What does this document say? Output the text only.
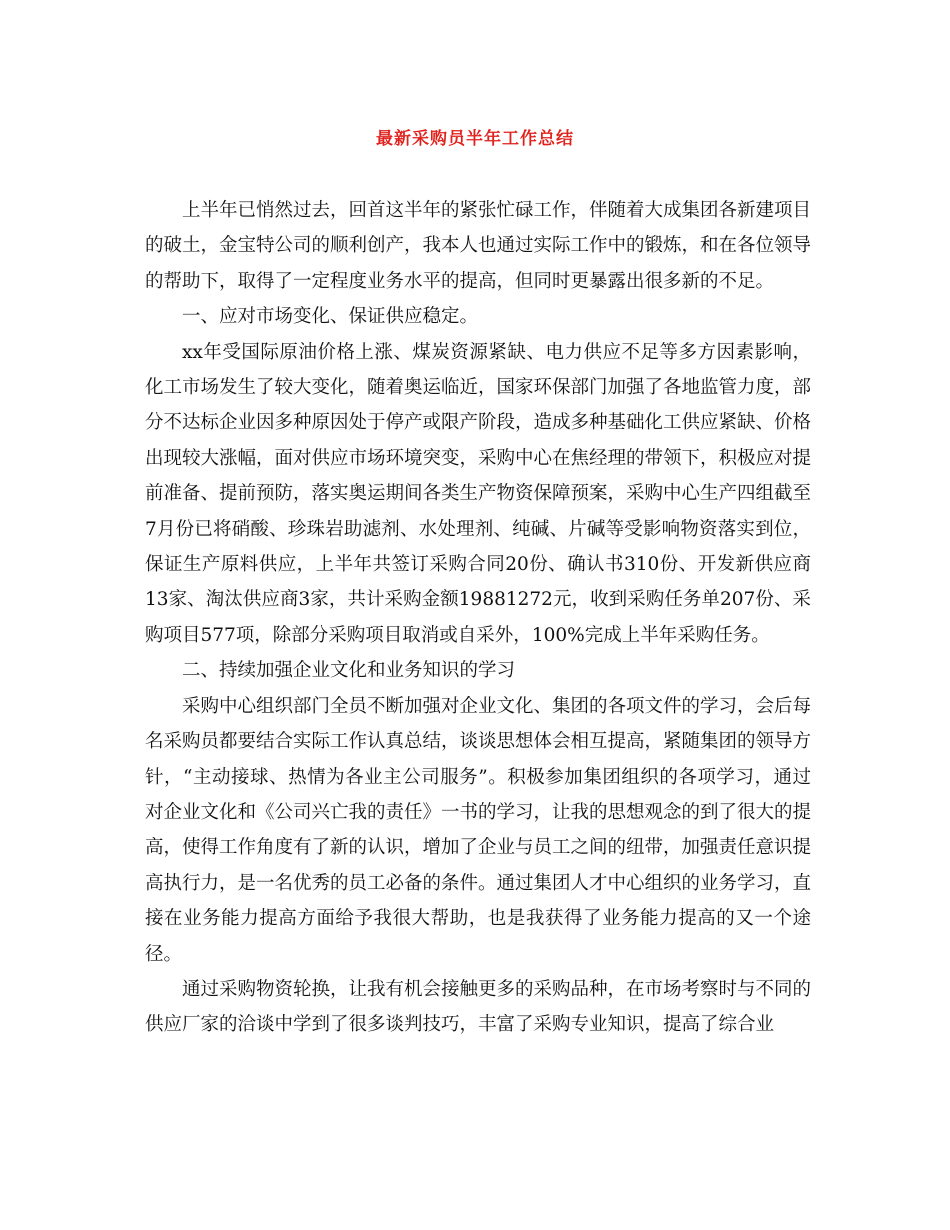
最新采购员半年工作总结

上半年已悄然过去，回首这半年的紧张忙碌工作，伴随着大成集团各新建项目的破土，金宝特公司的顺利创产，我本人也通过实际工作中的锻炼，和在各位领导的帮助下，取得了一定程度业务水平的提高，但同时更暴露出很多新的不足。

一、应对市场变化、保证供应稳定。

xx年受国际原油价格上涨、煤炭资源紧缺、电力供应不足等多方因素影响，化工市场发生了较大变化，随着奥运临近，国家环保部门加强了各地监管力度，部分不达标企业因多种原因处于停产或限产阶段，造成多种基础化工供应紧缺、价格出现较大涨幅，面对供应市场环境突变，采购中心在焦经理的带领下，积极应对提前准备、提前预防，落实奥运期间各类生产物资保障预案，采购中心生产四组截至7月份已将硝酸、珍珠岩助滤剂、水处理剂、纯碱、片碱等受影响物资落实到位，保证生产原料供应，上半年共签订采购合同20份、确认书310份、开发新供应商13家、淘汰供应商3家，共计采购金额19881272元，收到采购任务单207份、采购项目577项，除部分采购项目取消或自采外，100%完成上半年采购任务。

二、持续加强企业文化和业务知识的学习

采购中心组织部门全员不断加强对企业文化、集团的各项文件的学习，会后每名采购员都要结合实际工作认真总结，谈谈思想体会相互提高，紧随集团的领导方针，“主动接球、热情为各业主公司服务”。积极参加集团组织的各项学习，通过对企业文化和《公司兴亡我的责任》一书的学习，让我的思想观念的到了很大的提高，使得工作角度有了新的认识，增加了企业与员工之间的纽带，加强责任意识提高执行力，是一名优秀的员工必备的条件。通过集团人才中心组织的业务学习，直接在业务能力提高方面给予我很大帮助，也是我获得了业务能力提高的又一个途径。

通过采购物资轮换，让我有机会接触更多的采购品种，在市场考察时与不同的供应厂家的洽谈中学到了很多谈判技巧，丰富了采购专业知识，提高了综合业
